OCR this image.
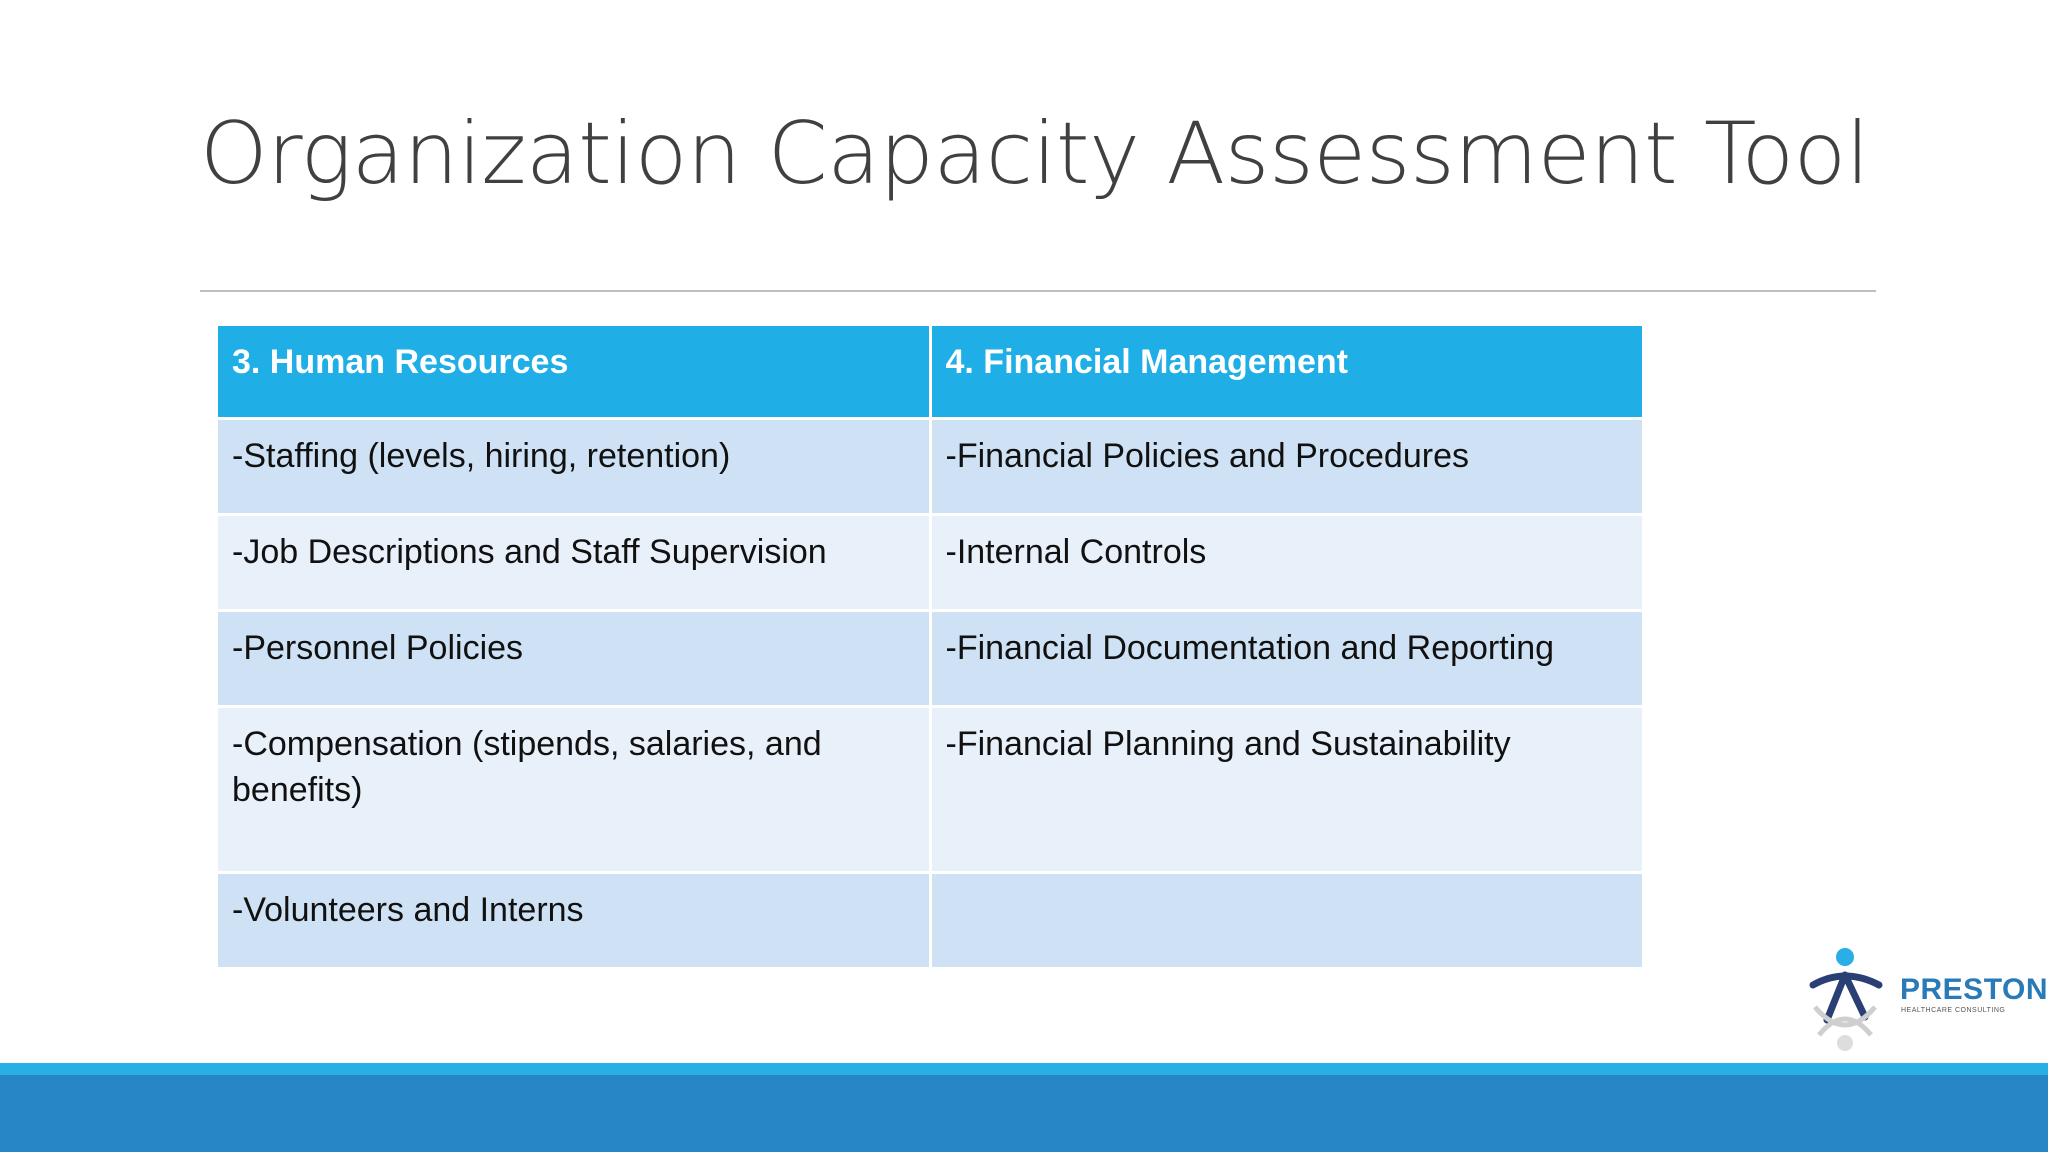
Organization Capacity Assessment Tool
3. Human Resources	4. Financial Management
-Staffing (levels, hiring, retention)	-Financial Policies and Procedures
-Job Descriptions and Staff Supervision	-Internal Controls
-Personnel Policies	-Financial Documentation and Reporting
-Compensation (stipends, salaries, and benefits)	-Financial Planning and Sustainability
-Volunteers and Interns	
PRESTON
HEALTHCARE CONSULTING
